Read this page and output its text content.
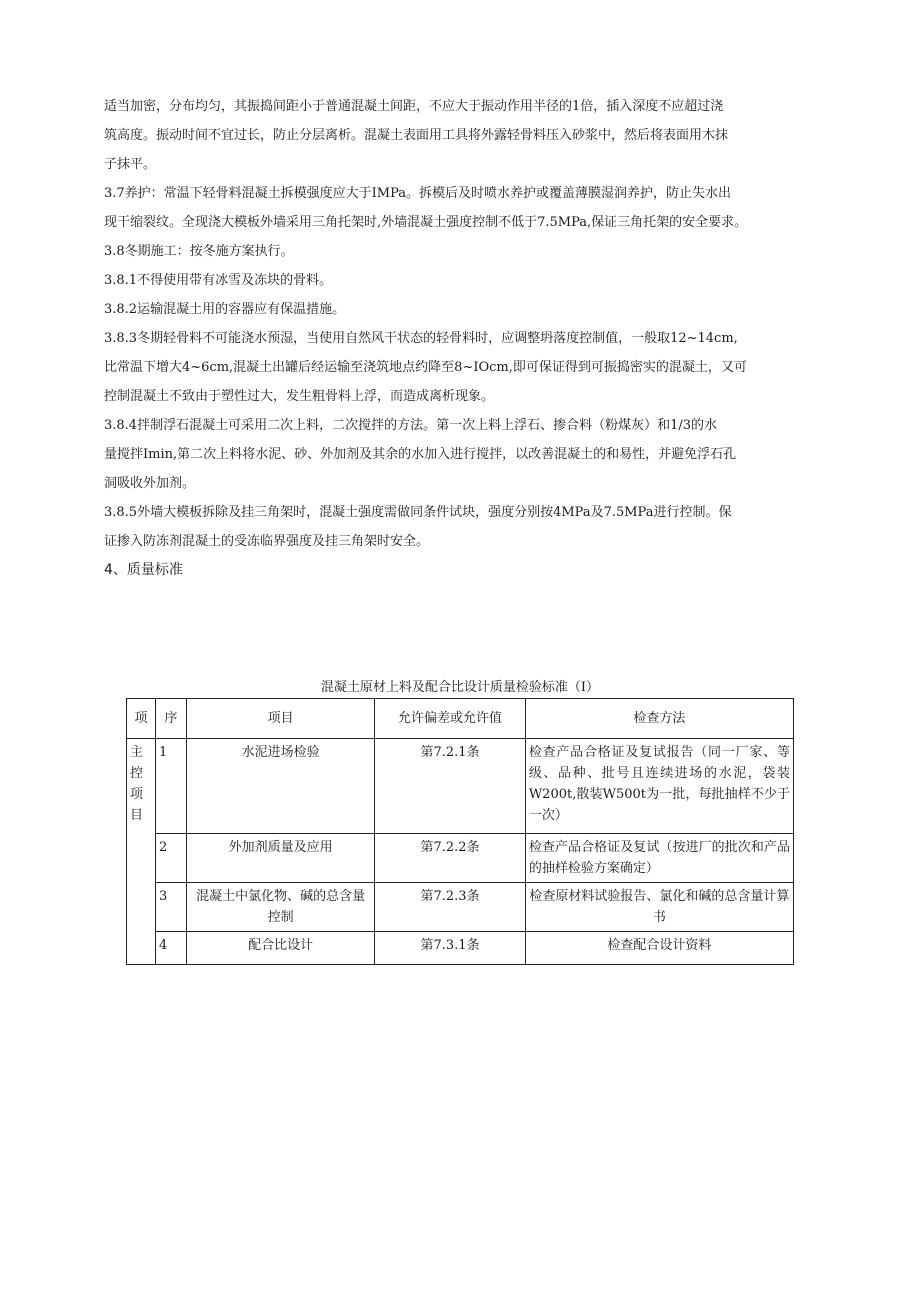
适当加密，分布均匀，其振捣间距小于普通混凝土间距，不应大于振动作用半径的1倍，插入深度不应超过浇
筑高度。振动时间不宜过长，防止分层离析。混凝土表面用工具将外露轻骨料压入砂浆中，然后将表面用木抹
子抹平。

3.7养护：常温下轻骨料混凝土拆模强度应大于IMPa。拆模后及时喷水养护或覆盖薄膜湿润养护，防止失水出
现干缩裂纹。全现浇大模板外墙采用三角托架时,外墙混凝土强度控制不低于7.5MPa,保证三角托架的安全要求。

3.8冬期施工：按冬施方案执行。

3.8.1不得使用带有冰雪及冻块的骨料。

3.8.2运输混凝土用的容器应有保温措施。

3.8.3冬期轻骨料不可能浇水预湿，当使用自然风干状态的轻骨料时，应调整坍落度控制值，一般取12~14cm,
比常温下增大4~6cm,混凝土出罐后经运输至浇筑地点约降至8~IOcm,即可保证得到可振捣密实的混凝土，又可
控制混凝土不致由于塑性过大，发生粗骨料上浮，而造成离析现象。

3.8.4拌制浮石混凝土可采用二次上料，二次搅拌的方法。第一次上料上浮石、掺合料（粉煤灰）和1/3的水
量搅拌Imin,第二次上料将水泥、砂、外加剂及其余的水加入进行搅拌，以改善混凝土的和易性，并避免浮石孔
洞吸收外加剂。

3.8.5外墙大模板拆除及挂三角架时，混凝土强度需做同条件试块，强度分别按4MPa及7.5MPa进行控制。保
证掺入防冻剂混凝土的受冻临界强度及挂三角架时安全。

4、质量标准

混凝土原材上料及配合比设计质量检验标准（I）
项	序	项目	允许偏差或允许值	检查方法

主控项目	1	水泥进场检验	第7.2.1条	检查产品合格证及复试报告（同一厂家、等级、品种、批号且连续进场的水泥，袋装W200t,散装W500t为一批，每批抽样不少于一次）
	2	外加剂质量及应用	第7.2.2条	检查产品合格证及复试（按进厂的批次和产品的抽样检验方案确定）
	3	混凝土中氯化物、碱的总含量控制	第7.2.3条	检查原材料试验报告、氯化和碱的总含量计算书
	4	配合比设计	第7.3.1条	检查配合设计资料
